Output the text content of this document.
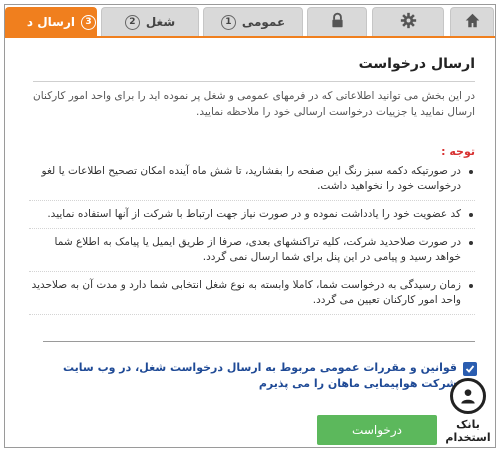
1 عمومی
2 شغل
3
ارسال د
ارسال درخواست
در این بخش می توانید اطلاعاتی که در فرمهای عمومی و شغل پر نموده اید را برای واحد امور کارکنان ارسال نمایید یا جزییات درخواست ارسالی خود را ملاحظه نمایید.
توجه :
در صورتیکه دکمه سبز رنگ این صفحه را بفشارید، تا شش ماه آینده امکان تصحیح اطلاعات یا لغو درخواست خود را نخواهید داشت.
کد عضویت خود را یادداشت نموده و در صورت نیاز جهت ارتباط با شرکت از آنها استفاده نمایید.
در صورت صلاحدید شرکت، کلیه تراکنشهای بعدی، صرفا از طریق ایمیل یا پیامک به اطلاع شما خواهد رسید و پیامی در این پنل برای شما ارسال نمی گردد.
زمان رسیدگی به درخواست شما، کاملا وابسته به نوع شغل انتخابی شما دارد و مدت آن به صلاحدید واحد امور کارکنان تعیین می گردد.
قوانین و مقررات عمومی مربوط به ارسال درخواست شغل، در وب سایت شرکت هواپیمایی ماهان را می پذیرم
درخواست	بانک استخدام
